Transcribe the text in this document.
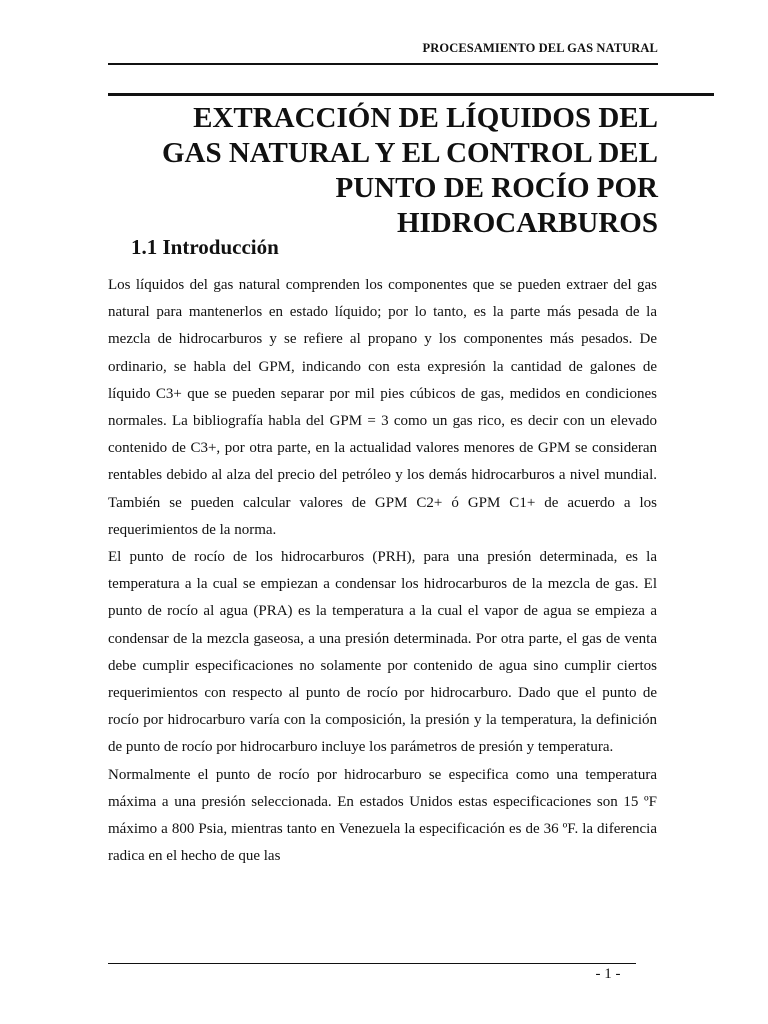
PROCESAMIENTO DEL GAS NATURAL
EXTRACCIÓN DE LÍQUIDOS DEL
GAS NATURAL Y EL CONTROL DEL
PUNTO DE ROCÍO POR
HIDROCARBUROS
1.1 Introducción

Los líquidos del gas natural comprenden los componentes que se pueden extraer del gas natural para mantenerlos en estado líquido; por lo tanto, es la parte más pesada de la mezcla de hidrocarburos y se refiere al propano y los componentes más pesados. De ordinario, se habla del GPM, indicando con esta expresión la cantidad de galones de líquido C3+ que se pueden separar por mil pies cúbicos de gas, medidos en condiciones normales. La bibliografía habla del GPM = 3 como un gas rico, es decir con un elevado contenido de C3+, por otra parte, en la actualidad valores menores de GPM se consideran rentables debido al alza del precio del petróleo y los demás hidrocarburos a nivel mundial. También se pueden calcular valores de GPM C2+ ó GPM C1+ de acuerdo a los requerimientos de la norma.

El punto de rocío de los hidrocarburos (PRH), para una presión determinada, es la temperatura a la cual se empiezan a condensar los hidrocarburos de la mezcla de gas. El punto de rocío al agua (PRA) es la temperatura a la cual el vapor de agua se empieza a condensar de la mezcla gaseosa, a una presión determinada. Por otra parte, el gas de venta debe cumplir especificaciones no solamente por contenido de agua sino cumplir ciertos requerimientos con respecto al punto de rocío por hidrocarburo. Dado que el punto de rocío por hidrocarburo varía con la composición, la presión y la temperatura, la definición de punto de rocío por hidrocarburo incluye los parámetros de presión y temperatura.

Normalmente el punto de rocío por hidrocarburo se especifica como una temperatura máxima a una presión seleccionada. En estados Unidos estas especificaciones son 15 ºF máximo a 800 Psia, mientras tanto en Venezuela la especificación es de 36 ºF. la diferencia radica en el hecho de que las

- 1 -
